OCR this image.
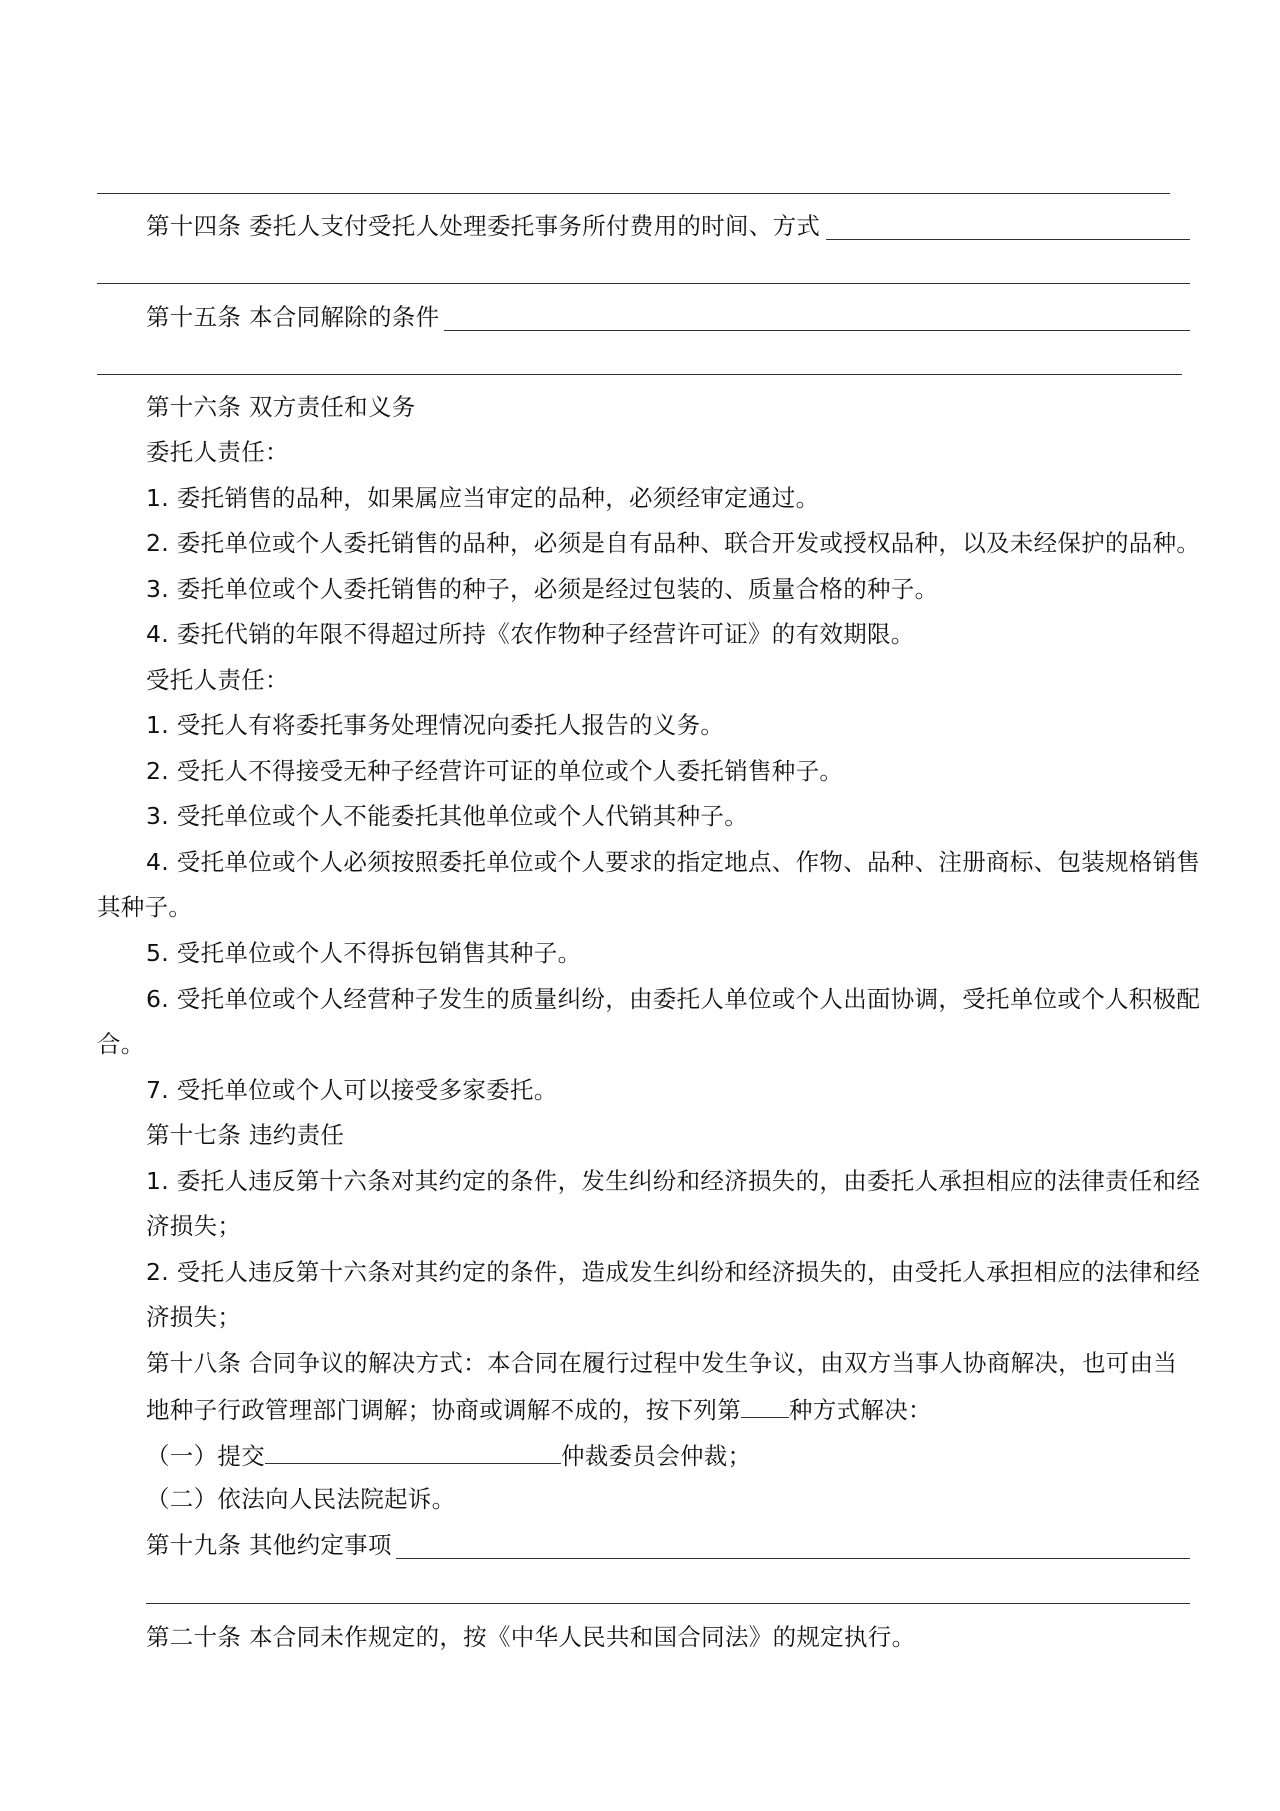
第十四条 委托人支付受托人处理委托事务所付费用的时间、方式
第十五条 本合同解除的条件
第十六条 双方责任和义务
委托人责任：
1. 委托销售的品种，如果属应当审定的品种，必须经审定通过。
2. 委托单位或个人委托销售的品种，必须是自有品种、联合开发或授权品种，以及未经保护的品种。
3. 委托单位或个人委托销售的种子，必须是经过包装的、质量合格的种子。
4. 委托代销的年限不得超过所持《农作物种子经营许可证》的有效期限。
受托人责任：
1. 受托人有将委托事务处理情况向委托人报告的义务。
2. 受托人不得接受无种子经营许可证的单位或个人委托销售种子。
3. 受托单位或个人不能委托其他单位或个人代销其种子。
4. 受托单位或个人必须按照委托单位或个人要求的指定地点、作物、品种、注册商标、包装规格销售
其种子。
5. 受托单位或个人不得拆包销售其种子。
6. 受托单位或个人经营种子发生的质量纠纷，由委托人单位或个人出面协调，受托单位或个人积极配
合。
7. 受托单位或个人可以接受多家委托。
第十七条 违约责任
1. 委托人违反第十六条对其约定的条件，发生纠纷和经济损失的，由委托人承担相应的法律责任和经
济损失；
2. 受托人违反第十六条对其约定的条件，造成发生纠纷和经济损失的，由受托人承担相应的法律和经
济损失；
第十八条 合同争议的解决方式：本合同在履行过程中发生争议，由双方当事人协商解决，也可由当
地种子行政管理部门调解；协商或调解不成的，按下列第 种方式解决：
（一）提交	仲裁委员会仲裁；
（二）依法向人民法院起诉。
第十九条 其他约定事项
第二十条 本合同未作规定的，按《中华人民共和国合同法》的规定执行。
